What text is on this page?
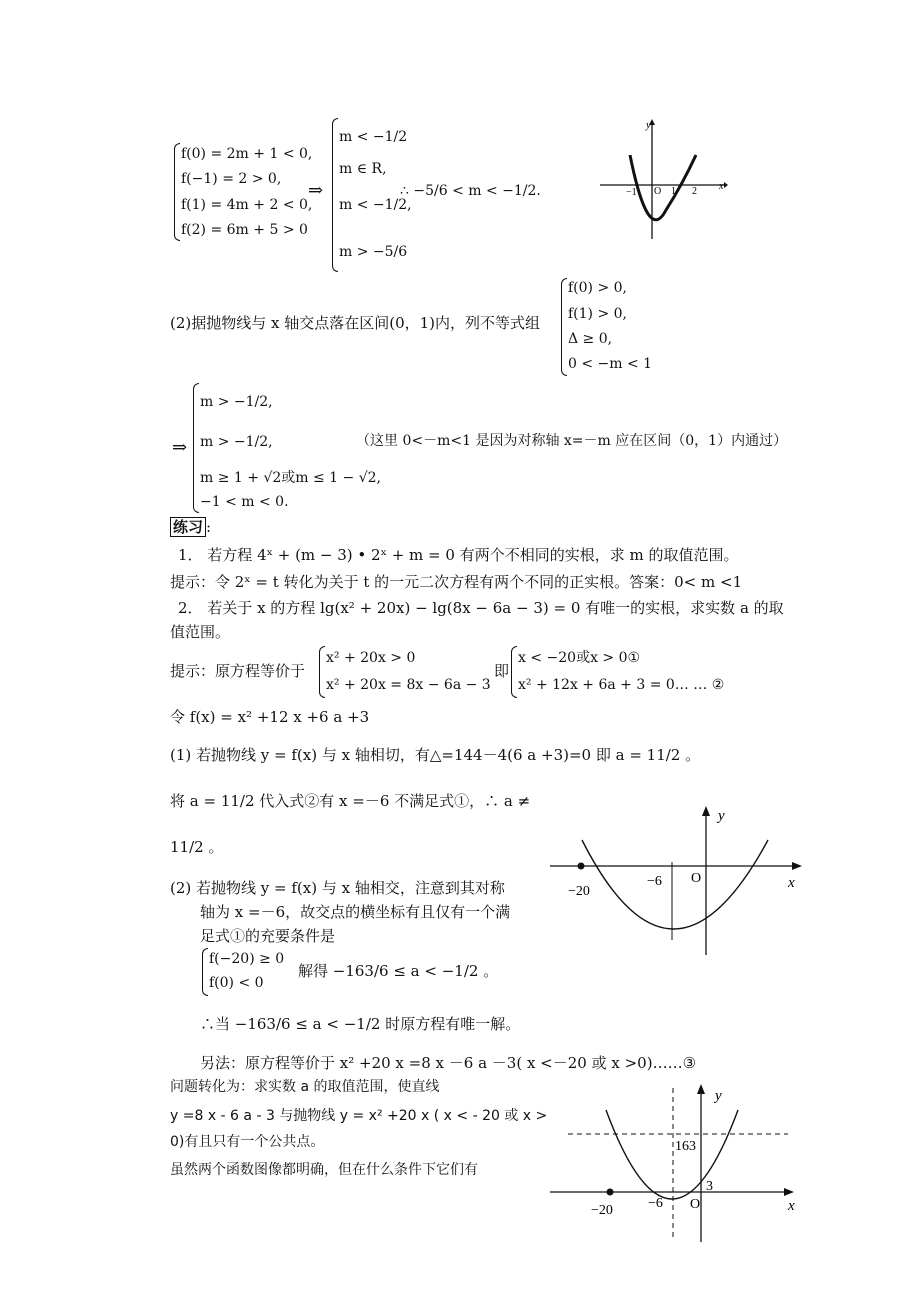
f(0) = 2m + 1 < 0,
f(−1) = 2 > 0,
f(1) = 4m + 2 < 0,
f(2) = 6m + 5 > 0
⇒
m < −1/2
m ∈ R,
m < −1/2,
m > −5/6
∴ −5/6 < m < −1/2.
y
x
−1 O 1 2
(2)据抛物线与 x 轴交点落在区间(0，1)内，列不等式组
f(0) > 0,
f(1) > 0,
Δ ≥ 0,
0 < −m < 1
⇒
m > −1/2,
m > −1/2,
m ≥ 1 + √2或m ≤ 1 − √2,
−1 < m < 0.
（这里 0<－m<1 是因为对称轴 x=－m 应在区间（0，1）内通过）
练习 :
1． 若方程 4ˣ + (m − 3) • 2ˣ + m = 0 有两个不相同的实根，求 m 的取值范围。
提示：令 2ˣ = t 转化为关于 t 的一元二次方程有两个不同的正实根。答案：0< m <1
2． 若关于 x 的方程 lg(x² + 20x) − lg(8x − 6a − 3) = 0 有唯一的实根，求实数 a 的取
值范围。
提示：原方程等价于
x² + 20x > 0
x² + 20x = 8x − 6a − 3
即
x < −20或x > 0①
x² + 12x + 6a + 3 = 0… … ②
令 f(x) = x² +12 x +6 a +3
(1) 若抛物线 y = f(x) 与 x 轴相切，有△=144－4(6 a +3)=0 即 a = 11/2 。
将 a = 11/2 代入式②有 x =－6 不满足式①，∴ a ≠
11/2 。
(2) 若抛物线 y = f(x) 与 x 轴相交，注意到其对称
轴为 x =－6，故交点的横坐标有且仅有一个满
足式①的充要条件是
f(−20) ≥ 0
f(0) < 0
解得 −163/6 ≤ a < −1/2 。
∴当 −163/6 ≤ a < −1/2 时原方程有唯一解。
另法：原方程等价于 x² +20 x =8 x －6 a －3( x <－20 或 x >0)……③
问题转化为：求实数 a 的取值范围，使直线
y =8 x - 6 a - 3 与抛物线 y = x² +20 x ( x < - 20 或 x >
0)有且只有一个公共点。
虽然两个函数图像都明确，但在什么条件下它们有
y
x
O
−20
−6
y
x
O
−20	−6
163
3
